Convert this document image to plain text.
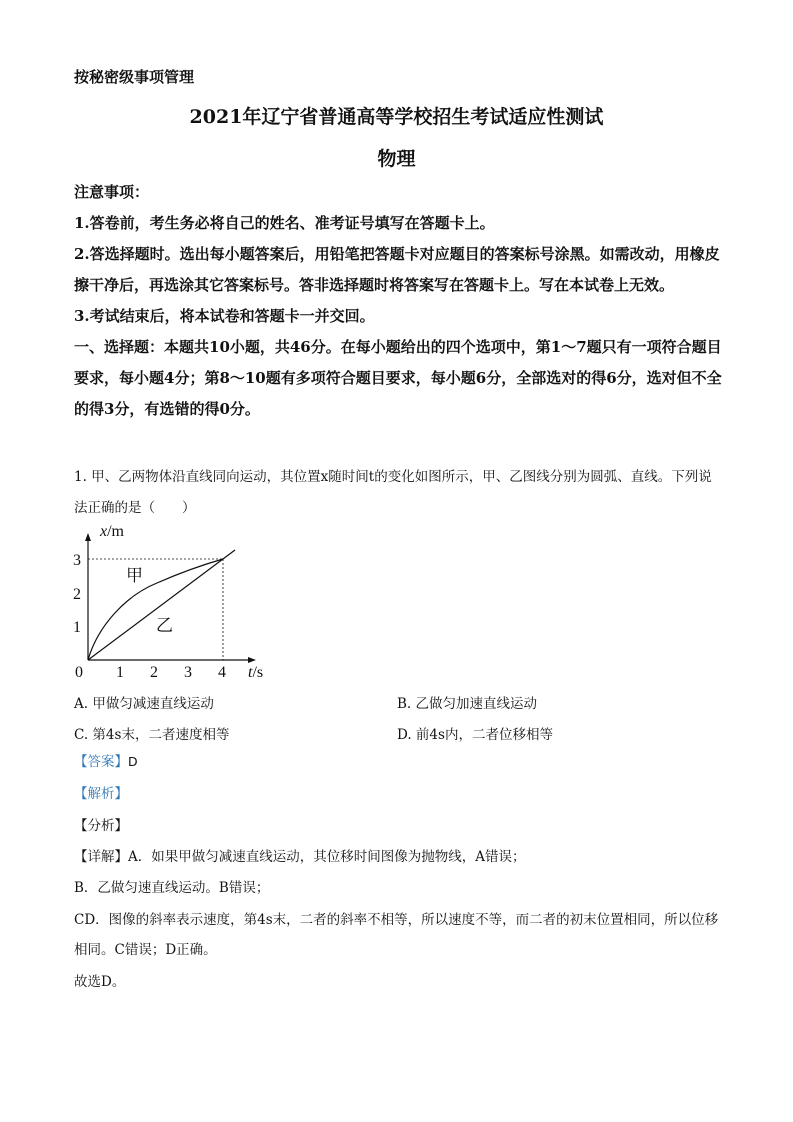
按秘密级事项管理
2021年辽宁省普通高等学校招生考试适应性测试
物理

注意事项：

1.答卷前，考生务必将自己的姓名、准考证号填写在答题卡上。

2.答选择题时。选出每小题答案后，用铅笔把答题卡对应题目的答案标号涂黑。如需改动，用橡皮擦干净后，再选涂其它答案标号。答非选择题时将答案写在答题卡上。写在本试卷上无效。

3.考试结束后，将本试卷和答题卡一并交回。

一、选择题：本题共10小题，共46分。在每小题给出的四个选项中，第1～7题只有一项符合题目要求，每小题4分；第8～10题有多项符合题目要求，每小题6分，全部选对的得6分，选对但不全的得3分，有选错的得0分。

1. 甲、乙两物体沿直线同向运动，其位置x随时间t的变化如图所示，甲、乙图线分别为圆弧、直线。下列说法正确的是（　　）

x/m
t/s
0 1 2 3 4
1
2
3
甲
乙
A. 甲做匀减速直线运动	B. 乙做匀加速直线运动
C. 第4s末，二者速度相等	D. 前4s内，二者位移相等
【答案】D
【解析】
【分析】
【详解】A．如果甲做匀减速直线运动，其位移时间图像为抛物线，A错误；
B．乙做匀速直线运动。B错误；
CD．图像的斜率表示速度，第4s末，二者的斜率不相等，所以速度不等，而二者的初末位置相同，所以位移相同。C错误；D正确。
故选D。
